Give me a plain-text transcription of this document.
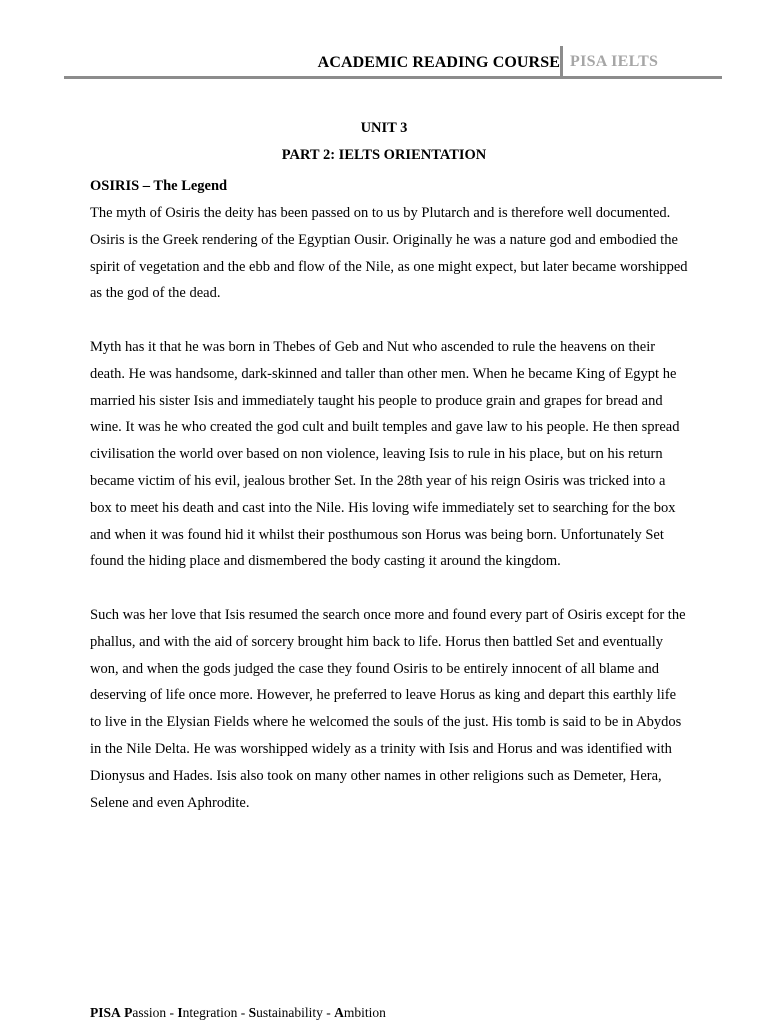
ACADEMIC READING COURSE PISA IELTS
UNIT 3
PART 2: IELTS ORIENTATION

OSIRIS – The Legend

The myth of Osiris the deity has been passed on to us by Plutarch and is therefore well documented. Osiris is the Greek rendering of the Egyptian Ousir. Originally he was a nature god and embodied the spirit of vegetation and the ebb and flow of the Nile, as one might expect, but later became worshipped as the god of the dead.

Myth has it that he was born in Thebes of Geb and Nut who ascended to rule the heavens on their death. He was handsome, dark-skinned and taller than other men. When he became King of Egypt he married his sister Isis and immediately taught his people to produce grain and grapes for bread and wine. It was he who created the god cult and built temples and gave law to his people. He then spread civilisation the world over based on non violence, leaving Isis to rule in his place, but on his return became victim of his evil, jealous brother Set. In the 28th year of his reign Osiris was tricked into a box to meet his death and cast into the Nile. His loving wife immediately set to searching for the box and when it was found hid it whilst their posthumous son Horus was being born. Unfortunately Set found the hiding place and dismembered the body casting it around the kingdom.

Such was her love that Isis resumed the search once more and found every part of Osiris except for the phallus, and with the aid of sorcery brought him back to life. Horus then battled Set and eventually won, and when the gods judged the case they found Osiris to be entirely innocent of all blame and deserving of life once more. However, he preferred to leave Horus as king and depart this earthly life to live in the Elysian Fields where he welcomed the souls of the just. His tomb is said to be in Abydos in the Nile Delta. He was worshipped widely as a trinity with Isis and Horus and was identified with Dionysus and Hades. Isis also took on many other names in other religions such as Demeter, Hera, Selene and even Aphrodite.

PISA Passion - Integration - Sustainability - Ambition
